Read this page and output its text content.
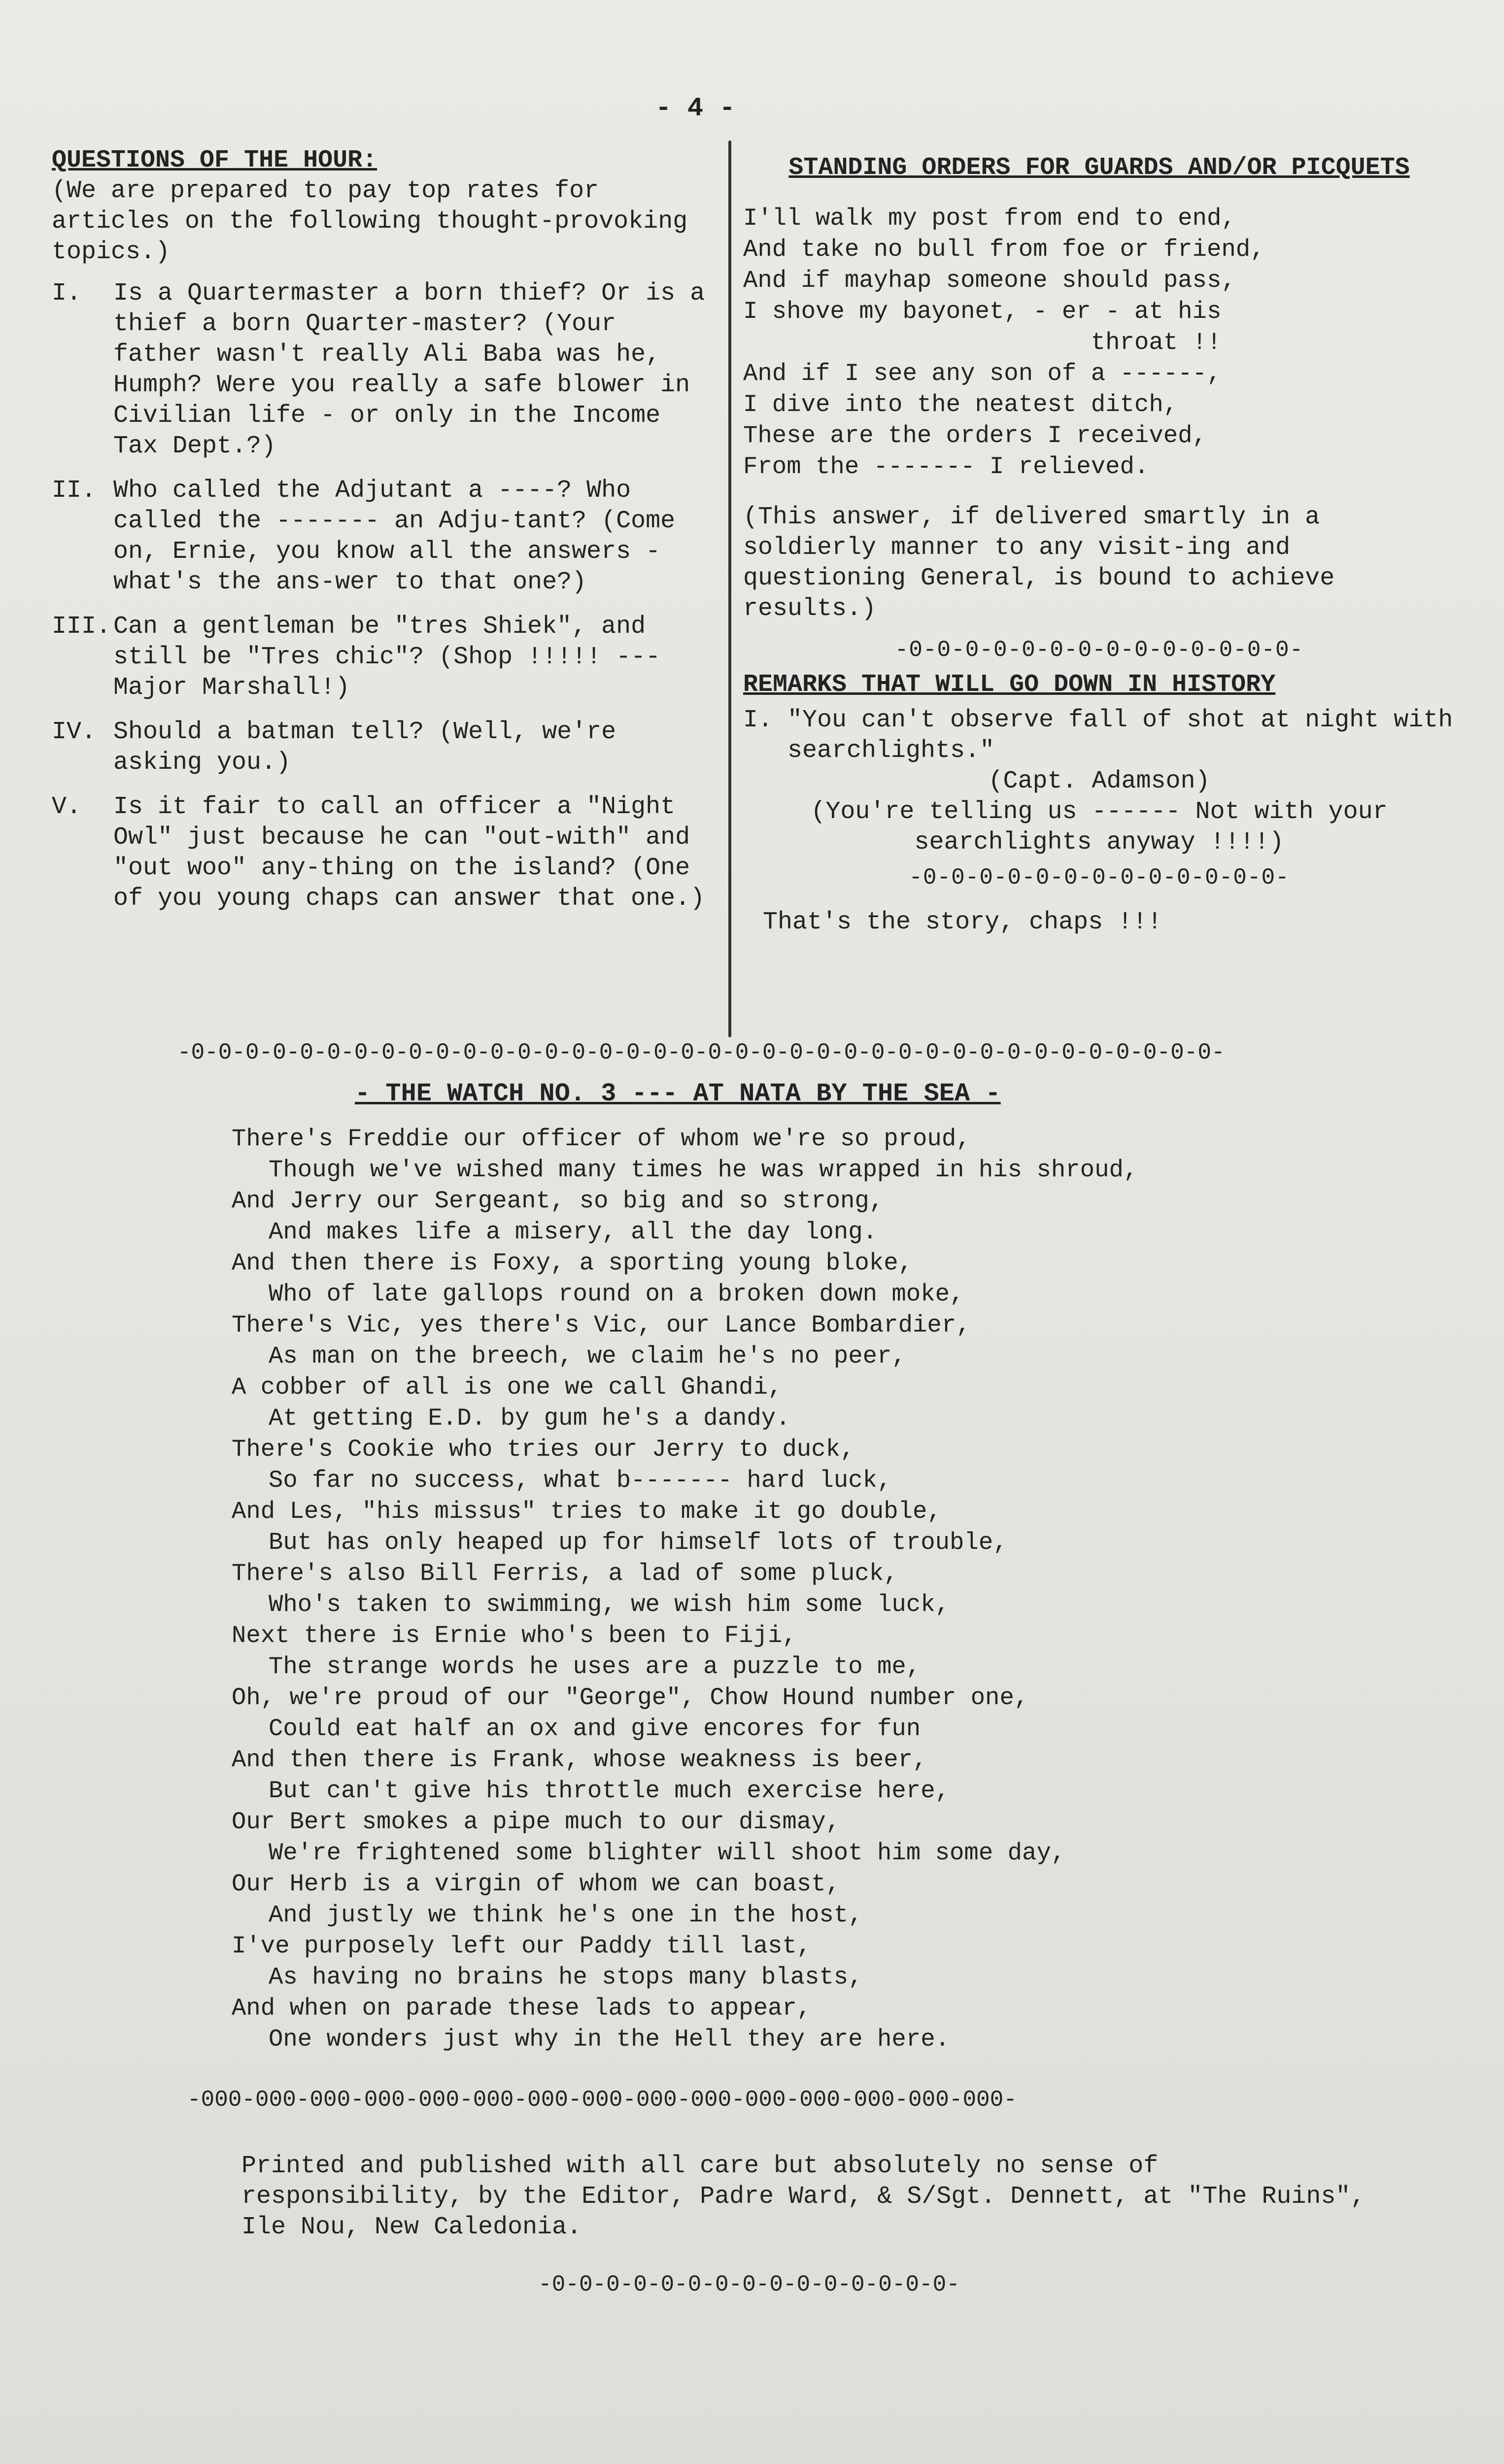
- 4 -

QUESTIONS OF THE HOUR:

(We are prepared to pay top rates for articles on the following thought-provoking topics.)

I.	Is a Quartermaster a born thief? Or is a thief a born Quarter-master? (Your father wasn't really Ali Baba was he, Humph? Were you really a safe blower in Civilian life - or only in the Income Tax Dept.?)
II. Who called the Adjutant a ----? Who called the ------- an Adju-tant? (Come on, Ernie, you know all the answers - what's the ans-wer to that one?)
III. Can a gentleman be "tres Shiek", and still be "Tres chic"? (Shop !!!!! --- Major Marshall!)
IV. Should a batman tell? (Well, we're asking you.)
V.	Is it fair to call an officer a "Night Owl" just because he can "out-with" and "out woo" any-thing on the island? (One of you young chaps can answer that one.)

STANDING ORDERS FOR GUARDS AND/OR PICQUETS

I'll walk my post from end to end,

And take no bull from foe or friend,

And if mayhap someone should pass,

I shove my bayonet, - er - at his

throat !!

And if I see any son of a ------,

I dive into the neatest ditch,

These are the orders I received,

From the ------- I relieved.

(This answer, if delivered smartly in a soldierly manner to any visit-ing and questioning General, is bound to achieve results.)

-0-0-0-0-0-0-0-0-0-0-0-0-0-0-

REMARKS THAT WILL GO DOWN IN HISTORY

I. "You can't observe fall of shot at night with searchlights."
(Capt. Adamson)
(You're telling us ------ Not with your searchlights anyway !!!!)
-0-0-0-0-0-0-0-0-0-0-0-0-0-

That's the story, chaps !!!

-0-0-0-0-0-0-0-0-0-0-0-0-0-0-0-0-0-0-0-0-0-0-0-0-0-0-0-0-0-0-0-0-0-0-0-0-0-0-
- THE WATCH NO. 3 --- AT NATA BY THE SEA -

There's Freddie our officer of whom we're so proud,

Though we've wished many times he was wrapped in his shroud,

And Jerry our Sergeant, so big and so strong,

And makes life a misery, all the day long.

And then there is Foxy, a sporting young bloke,

Who of late gallops round on a broken down moke,

There's Vic, yes there's Vic, our Lance Bombardier,

As man on the breech, we claim he's no peer,

A cobber of all is one we call Ghandi,

At getting E.D. by gum he's a dandy.

There's Cookie who tries our Jerry to duck,

So far no success, what b------- hard luck,

And Les, "his missus" tries to make it go double,

But has only heaped up for himself lots of trouble,

There's also Bill Ferris, a lad of some pluck,

Who's taken to swimming, we wish him some luck,

Next there is Ernie who's been to Fiji,

The strange words he uses are a puzzle to me,

Oh, we're proud of our "George", Chow Hound number one,

Could eat half an ox and give encores for fun

And then there is Frank, whose weakness is beer,

But can't give his throttle much exercise here,

Our Bert smokes a pipe much to our dismay,

We're frightened some blighter will shoot him some day,

Our Herb is a virgin of whom we can boast,

And justly we think he's one in the host,

I've purposely left our Paddy till last,

As having no brains he stops many blasts,

And when on parade these lads to appear,

One wonders just why in the Hell they are here.

-000-000-000-000-000-000-000-000-000-000-000-000-000-000-000-
Printed and published with all care but absolutely no sense of responsibility, by the Editor, Padre Ward, & S/Sgt. Dennett, at "The Ruins", Ile Nou, New Caledonia.
-0-0-0-0-0-0-0-0-0-0-0-0-0-0-0-
